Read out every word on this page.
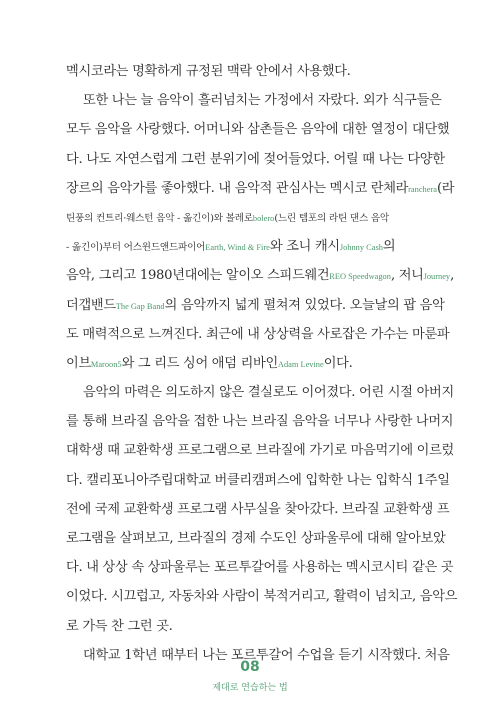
멕시코라는 명확하게 규정된 맥락 안에서 사용했다.
또한 나는 늘 음악이 흘러넘치는 가정에서 자랐다. 외가 식구들은
모두 음악을 사랑했다. 어머니와 삼촌들은 음악에 대한 열정이 대단했
다. 나도 자연스럽게 그런 분위기에 젖어들었다. 어릴 때 나는 다양한
장르의 음악가를 좋아했다. 내 음악적 관심사는 멕시코 란체라ranchera(라
틴풍의 컨트리·웨스턴 음악 - 옮긴이)와 볼레로bolero(느린 템포의 라틴 댄스 음악
- 옮긴이)부터 어스윈드앤드파이어Earth, Wind & Fire와 조니 캐시Johnny Cash의
음악, 그리고 1980년대에는 알이오 스피드웨건REO Speedwagon, 저니Journey,
더갭밴드The Gap Band의 음악까지 넓게 펼쳐져 있었다. 오늘날의 팝 음악
도 매력적으로 느껴진다. 최근에 내 상상력을 사로잡은 가수는 마룬파
이브Maroon5와 그 리드 싱어 애덤 리바인Adam Levine이다.
음악의 마력은 의도하지 않은 결실로도 이어졌다. 어린 시절 아버지
를 통해 브라질 음악을 접한 나는 브라질 음악을 너무나 사랑한 나머지
대학생 때 교환학생 프로그램으로 브라질에 가기로 마음먹기에 이르렀
다. 캘리포니아주립대학교 버클리캠퍼스에 입학한 나는 입학식 1주일
전에 국제 교환학생 프로그램 사무실을 찾아갔다. 브라질 교환학생 프
로그램을 살펴보고, 브라질의 경제 수도인 상파울루에 대해 알아보았
다. 내 상상 속 상파울루는 포르투갈어를 사용하는 멕시코시티 같은 곳
이었다. 시끄럽고, 자동차와 사람이 북적거리고, 활력이 넘치고, 음악으
로 가득 찬 그런 곳.
대학교 1학년 때부터 나는 포르투갈어 수업을 듣기 시작했다. 처음
08
제대로 연습하는 법
